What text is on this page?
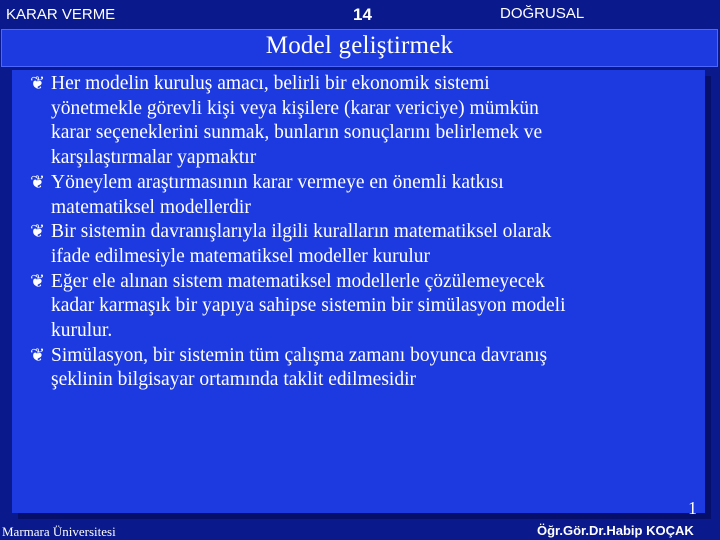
KARAR VERME	14	DOĞRUSAL
Model geliştirmek
❦ Her modelin kuruluş amacı, belirli bir ekonomik sistemi
yönetmekle görevli kişi veya kişilere (karar vericiye) mümkün
karar seçeneklerini sunmak, bunların sonuçlarını belirlemek ve
karşılaştırmalar yapmaktır
❦ Yöneylem araştırmasının karar vermeye en önemli katkısı
matematiksel modellerdir
❦ Bir sistemin davranışlarıyla ilgili kuralların matematiksel olarak
ifade edilmesiyle matematiksel modeller kurulur
❦ Eğer ele alınan sistem matematiksel modellerle çözülemeyecek
kadar karmaşık bir yapıya sahipse sistemin bir simülasyon modeli
kurulur.
❦ Simülasyon, bir sistemin tüm çalışma zamanı boyunca davranış
şeklinin bilgisayar ortamında taklit edilmesidir
1
Marmara Üniversitesi	Öğr.Gör.Dr.Habip KOÇAK
